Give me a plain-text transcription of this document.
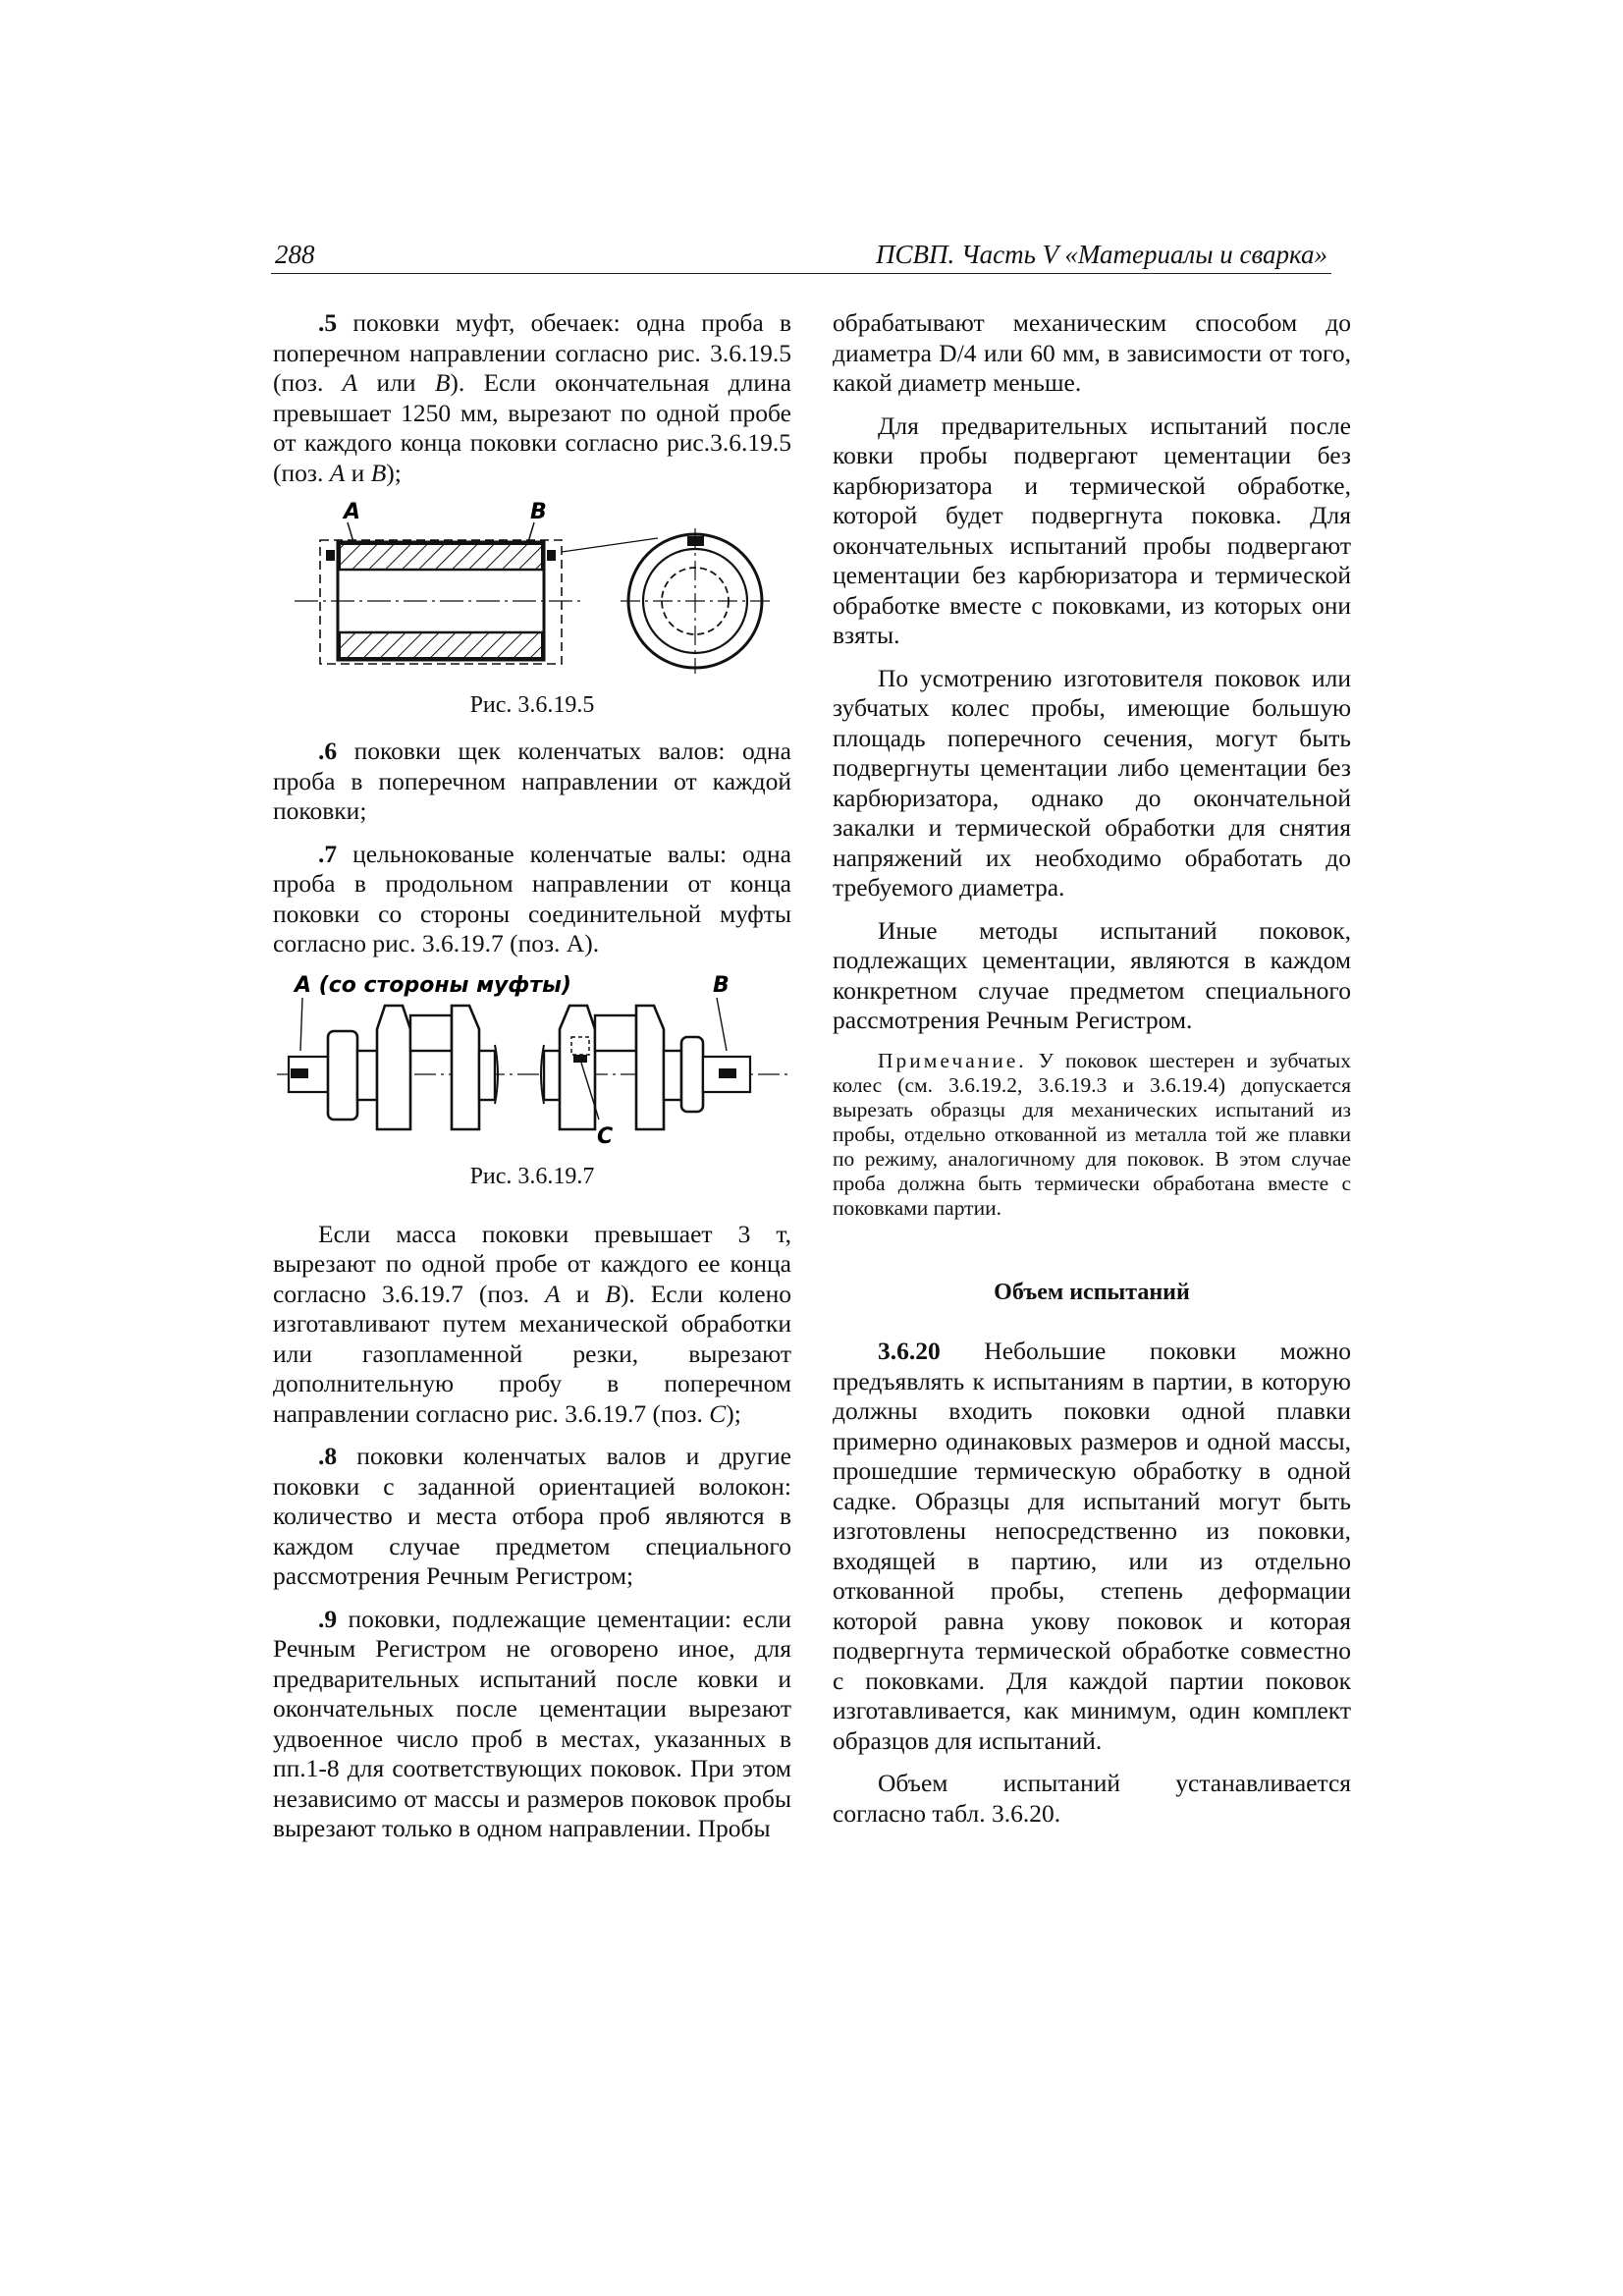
288	ПСВП. Часть V «Материалы и сварка»

.5 поковки муфт, обечаек: одна проба в поперечном направлении согласно рис. 3.6.19.5 (поз. А или В). Если окончательная длина превышает 1250 мм, вырезают по одной пробе от каждого конца поковки согласно рис.3.6.19.5 (поз. А и В);

А	В
Рис. 3.6.19.5

.6 поковки щек коленчатых валов: одна проба в поперечном направлении от каждой поковки;

.7 цельнокованые коленчатые валы: одна проба в продольном направлении от конца поковки со стороны соединительной муфты согласно рис. 3.6.19.7 (поз. А).

А (со стороны муфты)	В
С
Рис. 3.6.19.7

Если масса поковки превышает 3 т, вырезают по одной пробе от каждого ее конца согласно 3.6.19.7 (поз. А и В). Если колено изготавливают путем механической обработки или газопламенной резки, вырезают дополнительную пробу в поперечном направлении согласно рис. 3.6.19.7 (поз. С);

.8 поковки коленчатых валов и другие поковки с заданной ориентацией волокон: количество и места отбора проб являются в каждом случае предметом специального рассмотрения Речным Регистром;

.9 поковки, подлежащие цементации: если Речным Регистром не оговорено иное, для предварительных испытаний после ковки и окончательных после цементации вырезают удвоенное число проб в местах, указанных в пп.1-8 для соответствующих поковок. При этом независимо от массы и размеров поковок пробы вырезают только в одном направлении. Пробы

обрабатывают механическим способом до диаметра D/4 или 60 мм, в зависимости от того, какой диаметр меньше.

Для предварительных испытаний после ковки пробы подвергают цементации без карбюризатора и термической обработке, которой будет подвергнута поковка. Для окончательных испытаний пробы подвергают цементации без карбюризатора и термической обработке вместе с поковками, из которых они взяты.

По усмотрению изготовителя поковок или зубчатых колес пробы, имеющие большую площадь поперечного сечения, могут быть подвергнуты цементации либо цементации без карбюризатора, однако до окончательной закалки и термической обработки для снятия напряжений их необходимо обработать до требуемого диаметра.

Иные методы испытаний поковок, подлежащих цементации, являются в каждом конкретном случае предметом специального рассмотрения Речным Регистром.

Примечание. У поковок шестерен и зубчатых колес (см. 3.6.19.2, 3.6.19.3 и 3.6.19.4) допускается вырезать образцы для механических испытаний из пробы, отдельно откованной из металла той же плавки по режиму, аналогичному для поковок. В этом случае проба должна быть термически обработана вместе с поковками партии.
Объем испытаний

3.6.20 Небольшие поковки можно предъявлять к испытаниям в партии, в которую должны входить поковки одной плавки примерно одинаковых размеров и одной массы, прошедшие термическую обработку в одной садке. Образцы для испытаний могут быть изготовлены непосредственно из поковки, входящей в партию, или из отдельно откованной пробы, степень деформации которой равна укову поковок и которая подвергнута термической обработке совместно с поковками. Для каждой партии поковок изготавливается, как минимум, один комплект образцов для испытаний.

Объем испытаний устанавливается согласно табл. 3.6.20.
